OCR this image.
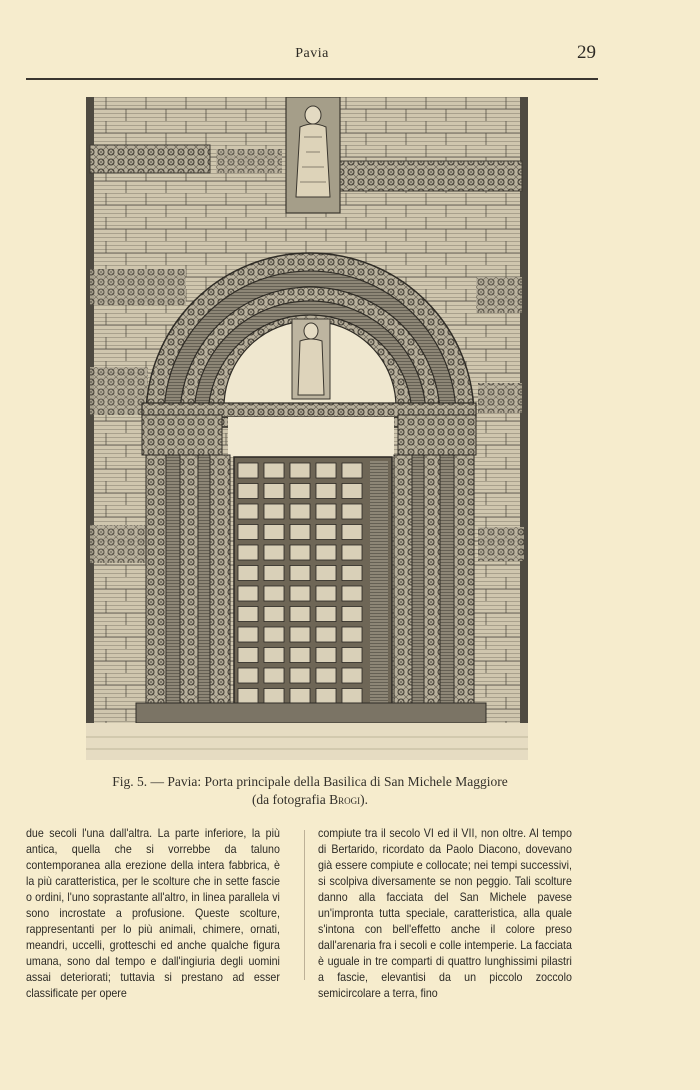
Pavia	29
Fig. 5. — Pavia: Porta principale della Basilica di San Michele Maggiore
(da fotografia Brogi).

due secoli l'una dall'altra. La parte inferiore, la più antica, quella che si vorrebbe da taluno contemporanea alla erezione della intera fabbrica, è la più caratteristica, per le scolture che in sette fascie o ordini, l'uno soprastante all'altro, in linea parallela vi sono incrostate a profusione. Queste scolture, rappresentanti per lo più animali, chimere, ornati, meandri, uccelli, grotteschi ed anche qualche figura umana, sono dal tempo e dall'ingiuria degli uomini assai deteriorati; tuttavia si prestano ad esser classificate per opere

compiute tra il secolo VI ed il VII, non oltre. Al tempo di Bertarido, ricordato da Paolo Diacono, dovevano già essere compiute e collocate; nei tempi successivi, si scolpiva diversamente se non peggio. Tali scolture danno alla facciata del San Michele pavese un'impronta tutta speciale, caratteristica, alla quale s'intona con bell'effetto anche il colore preso dall'arenaria fra i secoli e colle intemperie. La facciata è uguale in tre comparti di quattro lunghissimi pilastri a fascie, elevantisi da un piccolo zoccolo semicircolare a terra, fino
